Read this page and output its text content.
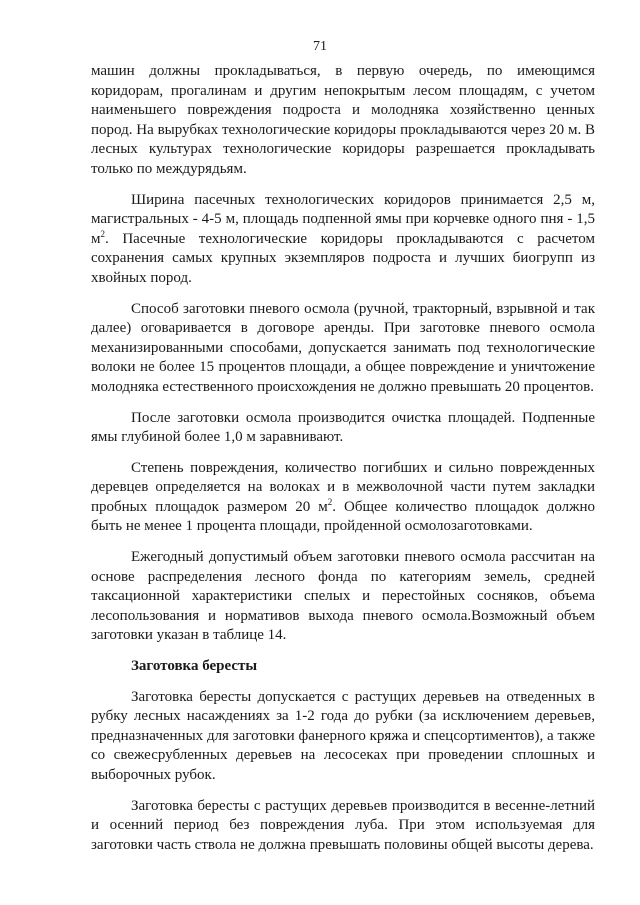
71

машин должны прокладываться, в первую очередь, по имеющимся коридорам, прогалинам и другим непокрытым лесом площадям, с учетом наименьшего повреждения подроста и молодняка хозяйственно ценных пород. На вырубках технологические коридоры прокладываются через 20 м. В лесных культурах технологические коридоры разрешается прокладывать только по междурядьям.

Ширина пасечных технологических коридоров принимается 2,5 м, магистральных - 4-5 м, площадь подпенной ямы при корчевке одного пня - 1,5 $м^2$. Пасечные технологические коридоры прокладываются с расчетом сохранения самых крупных экземпляров подроста и лучших биогрупп из хвойных пород.

Способ заготовки пневого осмола (ручной, тракторный, взрывной и так далее) оговаривается в договоре аренды. При заготовке пневого осмола механизированными способами, допускается занимать под технологические волоки не более 15 процентов площади, а общее повреждение и уничтожение молодняка естественного происхождения не должно превышать 20 процентов.

После заготовки осмола производится очистка площадей. Подпенные ямы глубиной более 1,0 м заравнивают.

Степень повреждения, количество погибших и сильно поврежденных деревцев определяется на волоках и в межволочной части путем закладки пробных площадок размером 20 $м^2$. Общее количество площадок должно быть не менее 1 процента площади, пройденной осмолозаготовками.

Ежегодный допустимый объем заготовки пневого осмола рассчитан на основе распределения лесного фонда по категориям земель, средней таксационной характеристики спелых и перестойных сосняков, объема лесопользования и нормативов выхода пневого осмола.Возможный объем заготовки указан в таблице 14.

Заготовка бересты

Заготовка бересты допускается с растущих деревьев на отведенных в рубку лесных насаждениях за 1-2 года до рубки (за исключением деревьев, предназначенных для заготовки фанерного кряжа и спецсортиментов), а также со свежесрубленных деревьев на лесосеках при проведении сплошных и выборочных рубок.

Заготовка бересты с растущих деревьев производится в весенне-летний и осенний период без повреждения луба. При этом используемая для заготовки часть ствола не должна превышать половины общей высоты дерева.
